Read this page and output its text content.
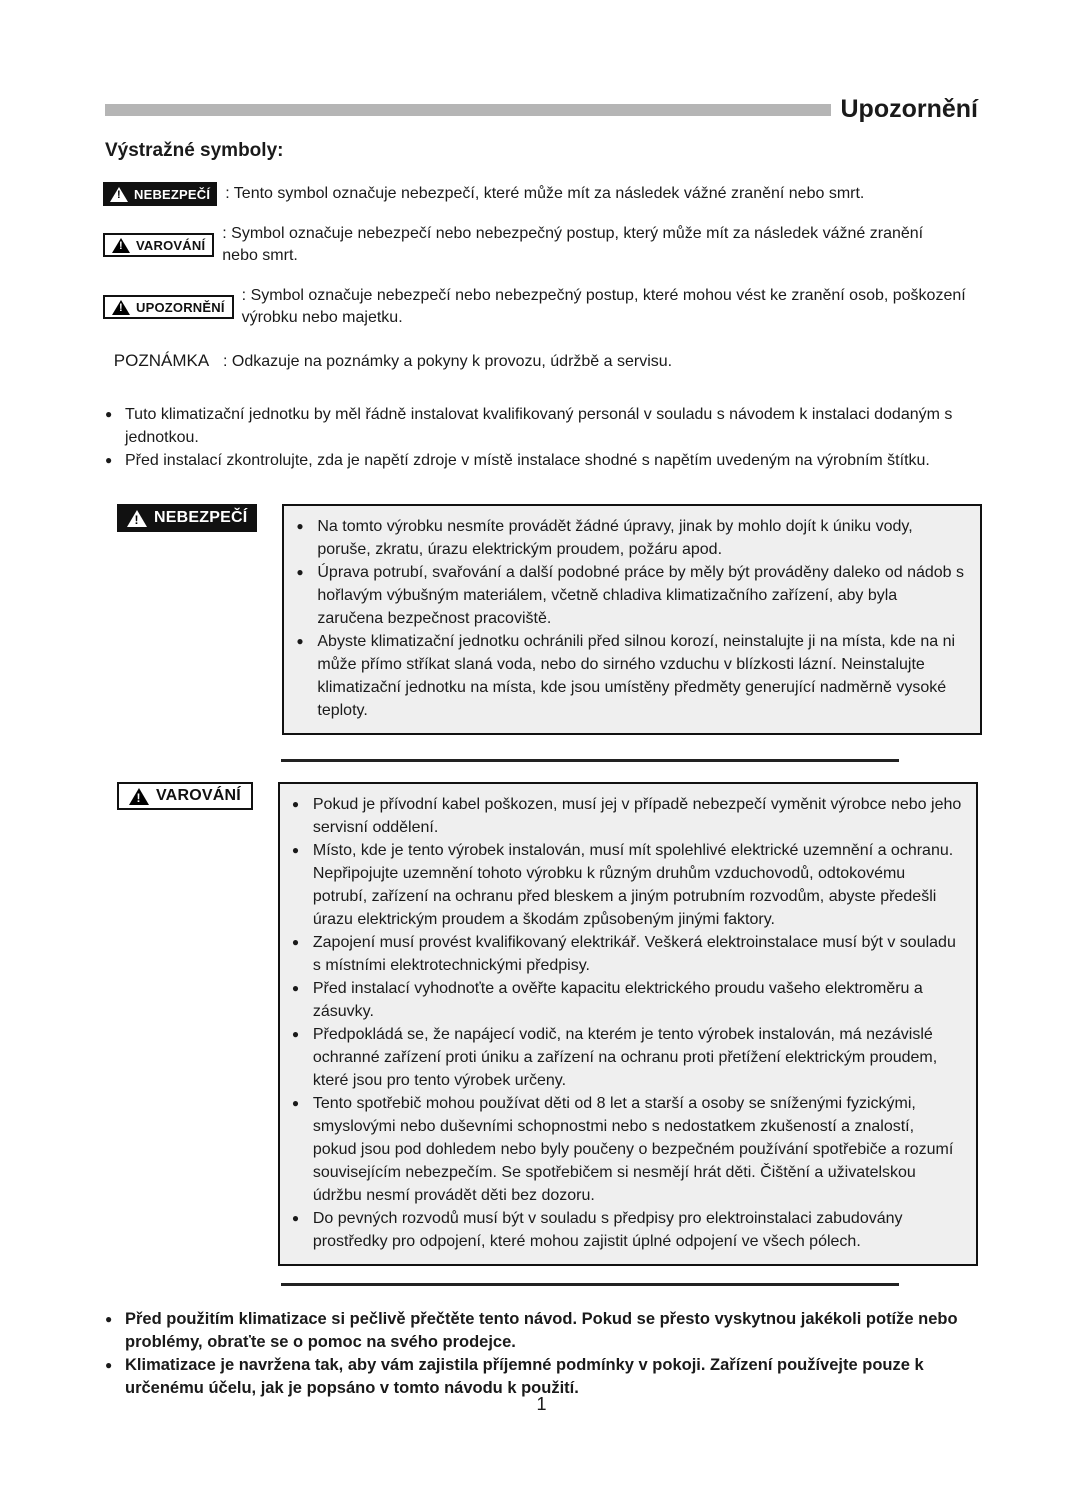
Upozornění
Výstražné symboly:
!
NEBEZPEČÍ : Tento symbol označuje nebezpečí, které může mít za následek vážné zranění nebo smrt.
!
VAROVÁNÍ
: Symbol označuje nebezpečí nebo nebezpečný postup, který může mít za následek vážné zranění nebo smrt.
!
UPOZORNĚNÍ
: Symbol označuje nebezpečí nebo nebezpečný postup, které mohou vést ke zranění osob, poškození výrobku nebo majetku.
POZNÁMKA : Odkazuje na poznámky a pokyny k provozu, údržbě a servisu.
● Tuto klimatizační jednotku by měl řádně instalovat kvalifikovaný personál v souladu s návodem k instalaci dodaným s jednotkou.
● Před instalací zkontrolujte, zda je napětí zdroje v místě instalace shodné s napětím uvedeným na výrobním štítku.
!
NEBEZPEČÍ	● Na tomto výrobku nesmíte provádět žádné úpravy, jinak by mohlo dojít k úniku vody, poruše, zkratu, úrazu elektrickým proudem, požáru apod.
● Úprava potrubí, svařování a další podobné práce by měly být prováděny daleko od nádob s hořlavým výbušným materiálem, včetně chladiva klimatizačního zařízení, aby byla zaručena bezpečnost pracoviště.
● Abyste klimatizační jednotku ochránili před silnou korozí, neinstalujte ji na místa, kde na ni může přímo stříkat slaná voda, nebo do sirného vzduchu v blízkosti lázní. Neinstalujte klimatizační jednotku na místa, kde jsou umístěny předměty generující nadměrně vysoké teploty.
!
VAROVÁNÍ	● Pokud je přívodní kabel poškozen, musí jej v případě nebezpečí vyměnit výrobce nebo jeho servisní oddělení.
● Místo, kde je tento výrobek instalován, musí mít spolehlivé elektrické uzemnění a ochranu. Nepřipojujte uzemnění tohoto výrobku k různým druhům vzduchovodů, odtokovému potrubí, zařízení na ochranu před bleskem a jiným potrubním rozvodům, abyste předešli úrazu elektrickým proudem a škodám způsobeným jinými faktory.
● Zapojení musí provést kvalifikovaný elektrikář. Veškerá elektroinstalace musí být v souladu s místními elektrotechnickými předpisy.
● Před instalací vyhodnoťte a ověřte kapacitu elektrického proudu vašeho elektroměru a zásuvky.
● Předpokládá se, že napájecí vodič, na kterém je tento výrobek instalován, má nezávislé ochranné zařízení proti úniku a zařízení na ochranu proti přetížení elektrickým proudem, které jsou pro tento výrobek určeny.
● Tento spotřebič mohou používat děti od 8 let a starší a osoby se sníženými fyzickými, smyslovými nebo duševními schopnostmi nebo s nedostatkem zkušeností a znalostí, pokud jsou pod dohledem nebo byly poučeny o bezpečném používání spotřebiče a rozumí souvisejícím nebezpečím. Se spotřebičem si nesmějí hrát děti. Čištění a uživatelskou údržbu nesmí provádět děti bez dozoru.
● Do pevných rozvodů musí být v souladu s předpisy pro elektroinstalaci zabudovány prostředky pro odpojení, které mohou zajistit úplné odpojení ve všech pólech.
● Před použitím klimatizace si pečlivě přečtěte tento návod. Pokud se přesto vyskytnou jakékoli potíže nebo problémy, obraťte se o pomoc na svého prodejce.
● Klimatizace je navržena tak, aby vám zajistila příjemné podmínky v pokoji. Zařízení používejte pouze k určenému účelu, jak je popsáno v tomto návodu k použití.
1
